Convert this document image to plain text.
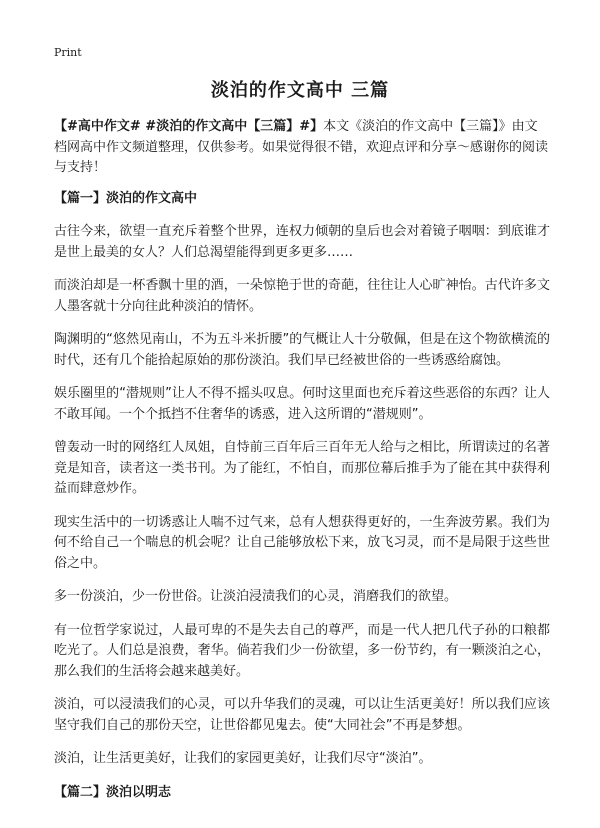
Print
淡泊的作文高中 三篇

【#高中作文# #淡泊的作文高中【三篇】#】本文《淡泊的作文高中【三篇】》由文档网高中作文频道整理，仅供参考。如果觉得很不错，欢迎点评和分享～感谢你的阅读与支持！

【篇一】淡泊的作文高中

古往今来，欲望一直充斥着整个世界，连权力倾朝的皇后也会对着镜子咽咽：到底谁才是世上最美的女人？人们总渴望能得到更多更多……

而淡泊却是一杯香飘十里的酒，一朵惊艳于世的奇葩，往往让人心旷神怡。古代许多文人墨客就十分向往此种淡泊的情怀。

陶渊明的“悠然见南山，不为五斗米折腰”的气概让人十分敬佩，但是在这个物欲横流的时代，还有几个能拾起原始的那份淡泊。我们早已经被世俗的一些诱惑给腐蚀。

娱乐圈里的“潜规则”让人不得不摇头叹息。何时这里面也充斥着这些恶俗的东西？让人不敢耳闻。一个个抵挡不住奢华的诱惑，进入这所谓的“潜规则”。

曾轰动一时的网络红人凤姐，自恃前三百年后三百年无人给与之相比，所谓读过的名著竟是知音，读者这一类书刊。为了能红，不怕自，而那位幕后推手为了能在其中获得利益而肆意炒作。

现实生活中的一切诱惑让人喘不过气来，总有人想获得更好的，一生奔波劳累。我们为何不给自己一个喘息的机会呢？让自己能够放松下来，放飞习灵，而不是局限于这些世俗之中。

多一份淡泊，少一份世俗。让淡泊浸渍我们的心灵，消磨我们的欲望。

有一位哲学家说过，人最可卑的不是失去自己的尊严，而是一代人把几代子孙的口粮都吃光了。人们总是浪费，奢华。倘若我们少一份欲望，多一份节约，有一颗淡泊之心，那么我们的生活将会越来越美好。

淡泊，可以浸渍我们的心灵，可以升华我们的灵魂，可以让生活更美好！所以我们应该坚守我们自己的那份天空，让世俗都见鬼去。使“大同社会”不再是梦想。

淡泊，让生活更美好，让我们的家园更美好，让我们尽守“淡泊”。

【篇二】淡泊以明志
